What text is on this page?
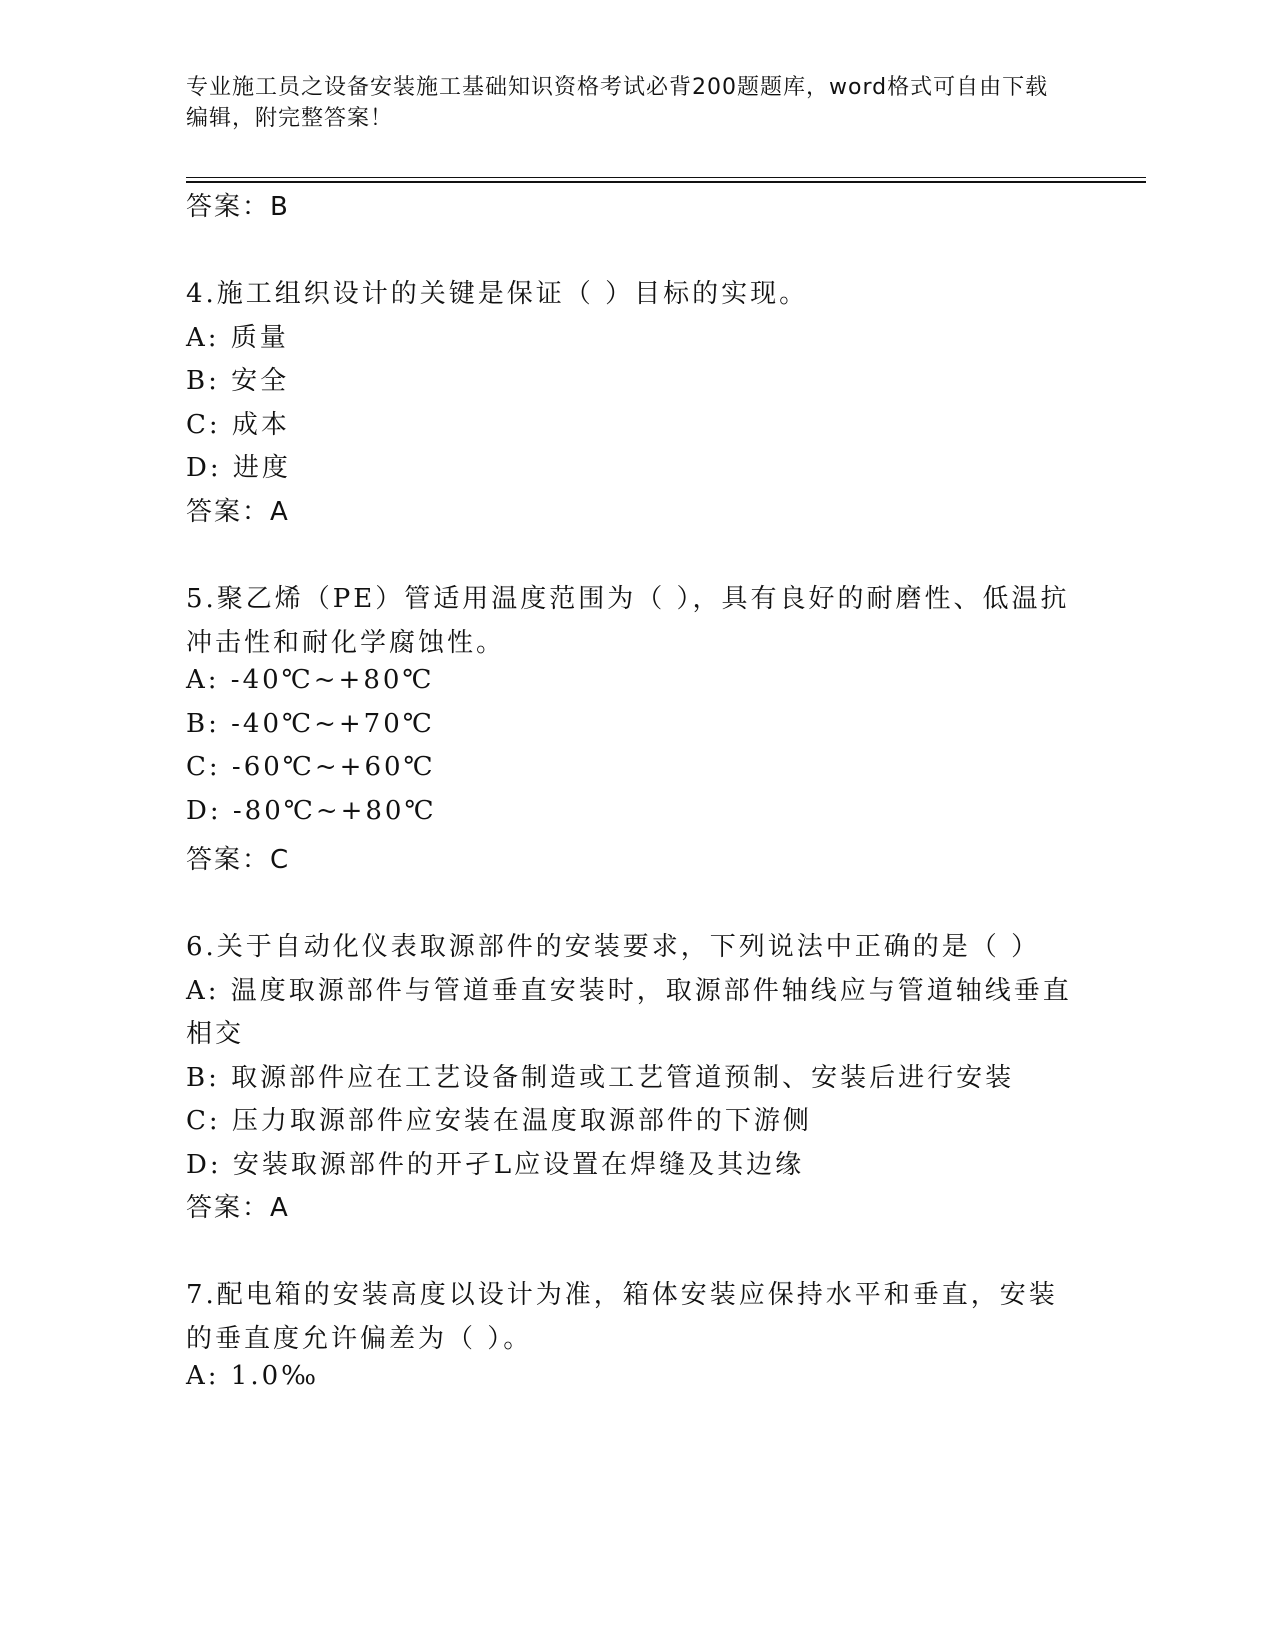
专业施工员之设备安装施工基础知识资格考试必背200题题库，word格式可自由下载编辑，附完整答案！
答案：B
4.施工组织设计的关键是保证（ ）目标的实现。
A: 质量
B: 安全
C: 成本
D: 进度
答案：A
5.聚乙烯（PE）管适用温度范围为（ ），具有良好的耐磨性、低温抗
冲击性和耐化学腐蚀性。
A: -40℃~+80℃
B: -40℃~+70℃
C: -60℃~+60℃
D: -80℃~+80℃
答案：C
6.关于自动化仪表取源部件的安装要求，下列说法中正确的是（ ）
A: 温度取源部件与管道垂直安装时，取源部件轴线应与管道轴线垂直
相交
B: 取源部件应在工艺设备制造或工艺管道预制、安装后进行安装
C: 压力取源部件应安装在温度取源部件的下游侧
D: 安装取源部件的开孑L应设置在焊缝及其边缘
答案：A
7.配电箱的安装高度以设计为准，箱体安装应保持水平和垂直，安装
的垂直度允许偏差为（ ）。
A: 1.0‰
